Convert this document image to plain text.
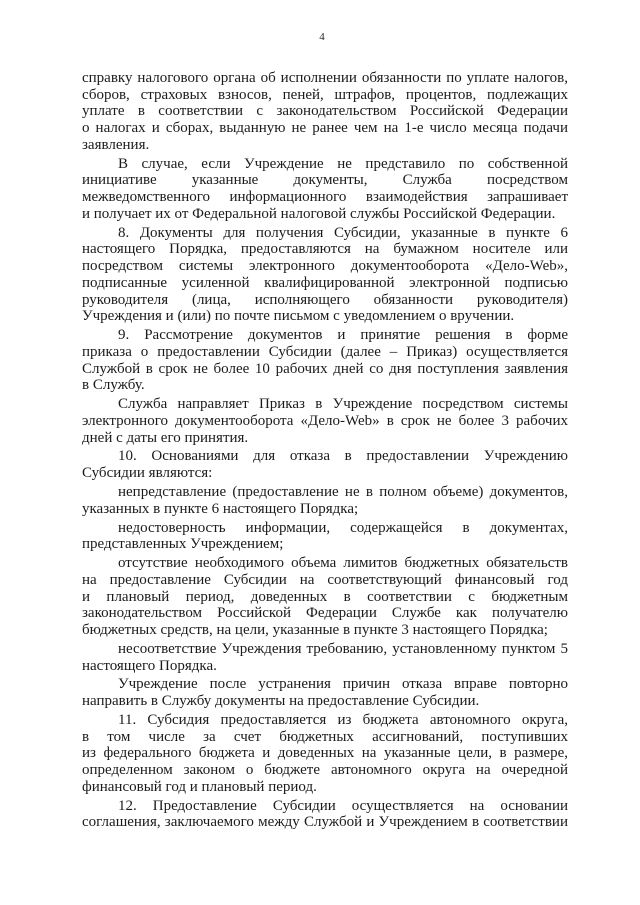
4
справку налогового органа об исполнении обязанности по уплате налогов,
сборов, страховых взносов, пеней, штрафов, процентов, подлежащих
уплате в соответствии с законодательством Российской Федерации
о налогах и сборах, выданную не ранее чем на 1-е число месяца подачи
заявления.
В случае, если Учреждение не представило по собственной
инициативе указанные документы, Служба посредством
межведомственного информационного взаимодействия запрашивает
и получает их от Федеральной налоговой службы Российской Федерации.
8. Документы для получения Субсидии, указанные в пункте 6
настоящего Порядка, предоставляются на бумажном носителе или
посредством системы электронного документооборота «Дело-Web»,
подписанные усиленной квалифицированной электронной подписью
руководителя (лица, исполняющего обязанности руководителя)
Учреждения и (или) по почте письмом с уведомлением о вручении.
9. Рассмотрение документов и принятие решения в форме
приказа о предоставлении Субсидии (далее – Приказ) осуществляется
Службой в срок не более 10 рабочих дней со дня поступления заявления
в Службу.
Служба направляет Приказ в Учреждение посредством системы
электронного документооборота «Дело-Web» в срок не более 3 рабочих
дней с даты его принятия.
10. Основаниями для отказа в предоставлении Учреждению
Субсидии являются:
непредставление (предоставление не в полном объеме) документов,
указанных в пункте 6 настоящего Порядка;
недостоверность информации, содержащейся в документах,
представленных Учреждением;
отсутствие необходимого объема лимитов бюджетных обязательств
на предоставление Субсидии на соответствующий финансовый год
и плановый период, доведенных в соответствии с бюджетным
законодательством Российской Федерации Службе как получателю
бюджетных средств, на цели, указанные в пункте 3 настоящего Порядка;
несоответствие Учреждения требованию, установленному пунктом 5
настоящего Порядка.
Учреждение после устранения причин отказа вправе повторно
направить в Службу документы на предоставление Субсидии.
11. Субсидия предоставляется из бюджета автономного округа,
в том числе за счет бюджетных ассигнований, поступивших
из федерального бюджета и доведенных на указанные цели, в размере,
определенном законом о бюджете автономного округа на очередной
финансовый год и плановый период.
12. Предоставление Субсидии осуществляется на основании
соглашения, заключаемого между Службой и Учреждением в соответствии
